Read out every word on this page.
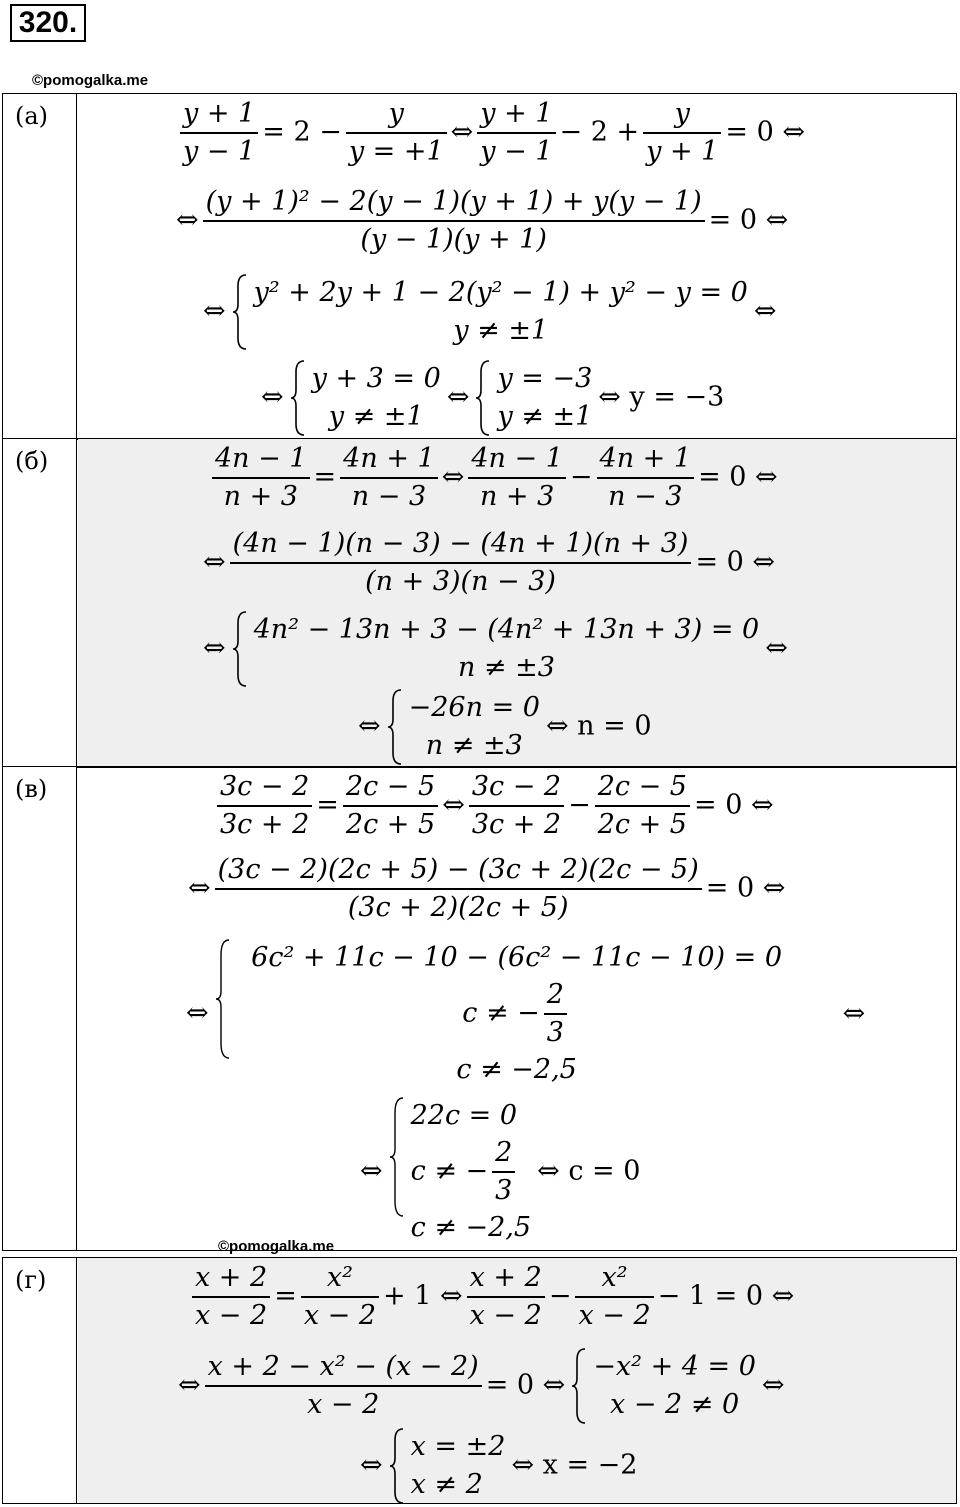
320.
©pomogalka.me
(а)	$\frac{y + 1}{y - 1} = 2 - \frac{y}{y = +1}$ ⇔ $\frac{y + 1}{y - 1} - 2 + \frac{y}{y + 1} = 0$ ⇔
⇔ $\frac{\text{(y + 1)² − 2(y − 1)(y + 1) + y(y − 1)}}{(y - 1)(y + 1)} = 0$ ⇔
⇔
y² + 2y + 1 − 2(y² − 1) + y² − y = 0
y ≠ ±1
⇔
⇔
y + 3 = 0
y ≠ ±1
⇔
y = −3
y ≠ ±1
⇔ y = −3
(б)	$\frac{4n - 1}{n + 3} = \frac{4n + 1}{n - 3}$ ⇔ $\frac{4n - 1}{n + 3} - \frac{4n + 1}{n - 3} = 0$ ⇔
⇔ $\frac{(4n - 1)(n - 3) - (4n + 1)(n + 3)}{(n + 3)(n - 3)} = 0$ ⇔
⇔
4n² − 13n + 3 − (4n² + 13n + 3) = 0
n ≠ ±3
⇔
⇔
−26n = 0
n ≠ ±3
⇔ n = 0
(в)	$\frac{3c - 2}{3c + 2} = \frac{2c - 5}{2c + 5}$ ⇔ $\frac{3c - 2}{3c + 2} - \frac{2c - 5}{2c + 5} = 0$ ⇔
⇔ $\frac{(3c - 2)(2c + 5) - (3c + 2)(2c - 5)}{(3c + 2)(2c + 5)} = 0$ ⇔
⇔
6c² + 11c − 10 − (6c² − 11c − 10) = 0
c ≠ − $\frac{2}{3}$
c ≠ −2,5
⇔
⇔
22c = 0
c ≠ − $\frac{2}{3}$
c ≠ −2,5
⇔ c = 0
©pomogalka.me
(г)	$\frac{x + 2}{x - 2} = \frac{\text{x²}}{x - 2} + 1$ ⇔ $\frac{x + 2}{x - 2} - \frac{\text{x²}}{x - 2} - 1 = 0$ ⇔
⇔ $\frac{\text{x + 2 − x² − (x − 2)}}{x - 2} = 0$ ⇔
−x² + 4 = 0
x − 2 ≠ 0
⇔
⇔
x = ±2
x ≠ 2
⇔ x = −2
